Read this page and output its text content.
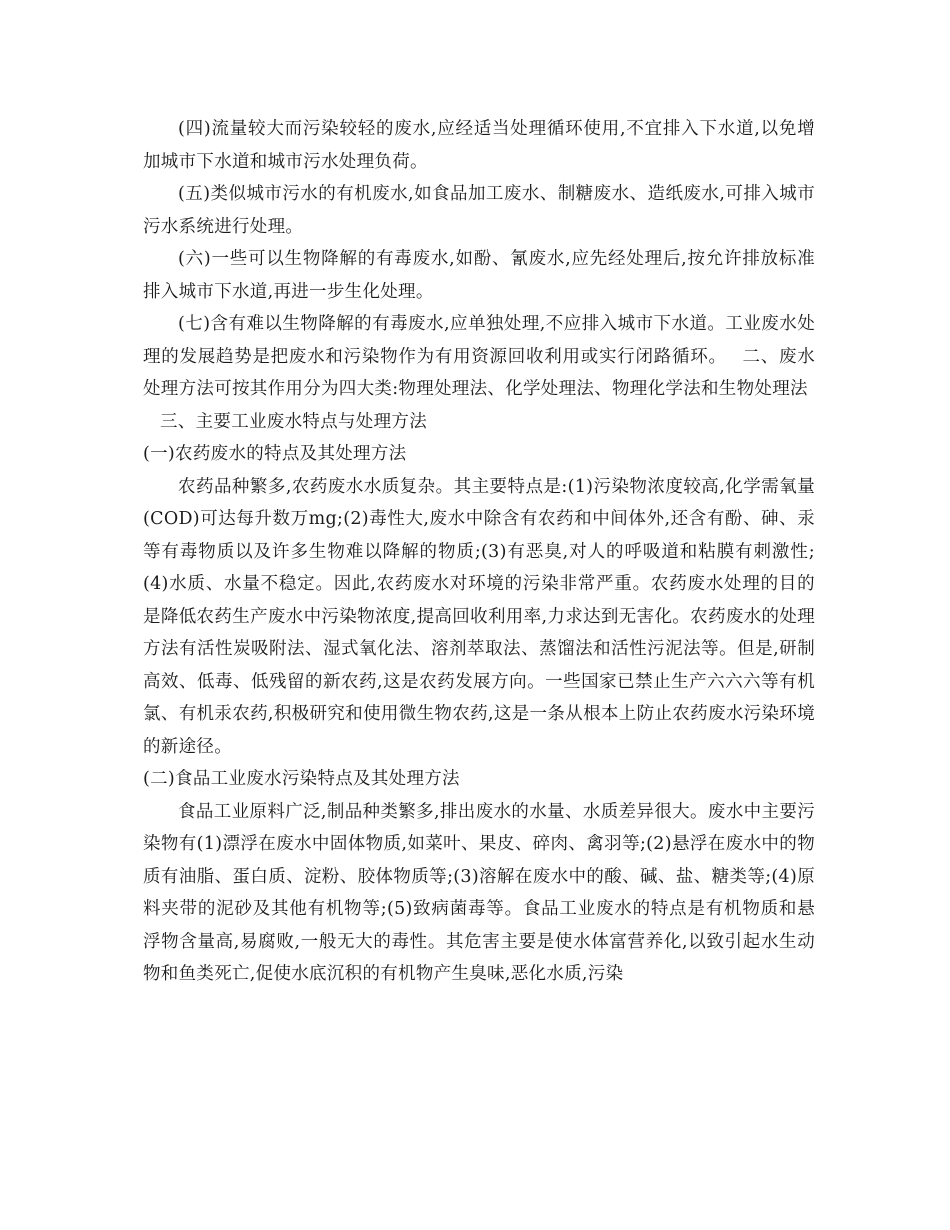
(四)流量较大而污染较轻的废水,应经适当处理循环使用,不宜排入下水道,以免增加城市下水道和城市污水处理负荷。

(五)类似城市污水的有机废水,如食品加工废水、制糖废水、造纸废水,可排入城市污水系统进行处理。

(六)一些可以生物降解的有毒废水,如酚、氰废水,应先经处理后,按允许排放标准排入城市下水道,再进一步生化处理。

(七)含有难以生物降解的有毒废水,应单独处理,不应排入城市下水道。工业废水处理的发展趋势是把废水和污染物作为有用资源回收利用或实行闭路循环。　 二、废水处理方法可按其作用分为四大类:物理处理法、化学处理法、物理化学法和生物处理法

三、主要工业废水特点与处理方法

(一)农药废水的特点及其处理方法

农药品种繁多,农药废水水质复杂。其主要特点是:(1)污染物浓度较高,化学需氧量(COD)可达每升数万mg;(2)毒性大,废水中除含有农药和中间体外,还含有酚、砷、汞等有毒物质以及许多生物难以降解的物质;(3)有恶臭,对人的呼吸道和粘膜有刺激性;(4)水质、水量不稳定。因此,农药废水对环境的污染非常严重。农药废水处理的目的是降低农药生产废水中污染物浓度,提高回收利用率,力求达到无害化。农药废水的处理方法有活性炭吸附法、湿式氧化法、溶剂萃取法、蒸馏法和活性污泥法等。但是,研制高效、低毒、低残留的新农药,这是农药发展方向。一些国家已禁止生产六六六等有机氯、有机汞农药,积极研究和使用微生物农药,这是一条从根本上防止农药废水污染环境的新途径。

(二)食品工业废水污染特点及其处理方法

食品工业原料广泛,制品种类繁多,排出废水的水量、水质差异很大。废水中主要污染物有(1)漂浮在废水中固体物质,如菜叶、果皮、碎肉、禽羽等;(2)悬浮在废水中的物质有油脂、蛋白质、淀粉、胶体物质等;(3)溶解在废水中的酸、碱、盐、糖类等;(4)原料夹带的泥砂及其他有机物等;(5)致病菌毒等。食品工业废水的特点是有机物质和悬浮物含量高,易腐败,一般无大的毒性。其危害主要是使水体富营养化,以致引起水生动物和鱼类死亡,促使水底沉积的有机物产生臭味,恶化水质,污染
